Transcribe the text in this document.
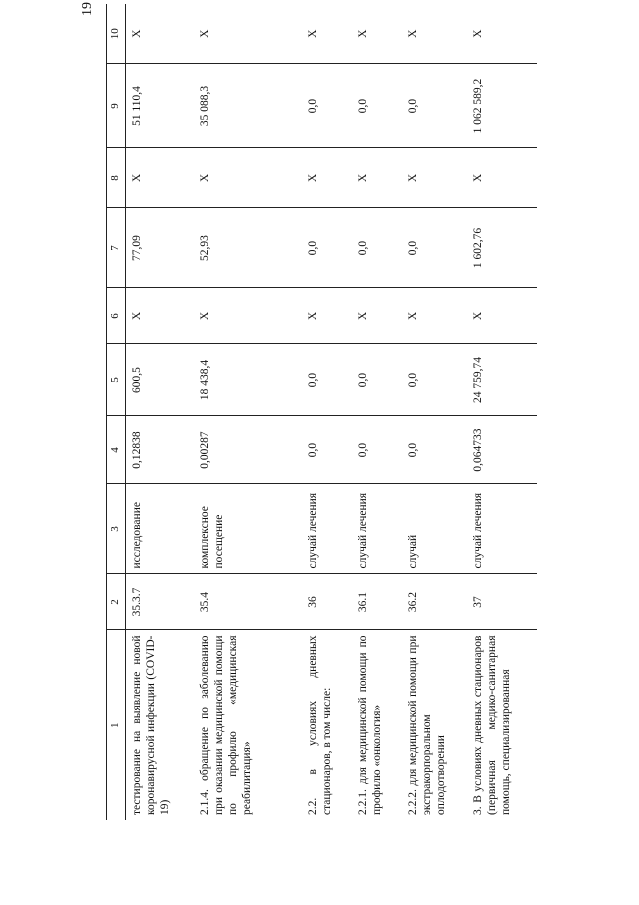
19
1	2	3	4	5	6	7	8	9	10
тестирование на выявление новой коронавирусной инфекции (COVID-19)	35.3.7	исследование	0,12838	600,5	X	77,09	X	51 110,4	X
2.1.4. обращение по заболеванию при оказании медицинской помощи по профилю «медицинская реабилитация»	35.4	комплексное посещение	0,00287	18 438,4	X	52,93	X	35 088,3	X
2.2. в условиях дневных стационаров, в том числе:	36	случай лечения	0,0	0,0	X	0,0	X	0,0	X
2.2.1. для медицинской помощи по профилю «онкология»	36.1	случай лечения	0,0	0,0	X	0,0	X	0,0	X
2.2.2. для медицинской помощи при экстракорпоральном оплодотворении	36.2	случай	0,0	0,0	X	0,0	X	0,0	X
3. В условиях дневных стационаров (первичная медико-санитарная помощь, специализированная	37	случай лечения	0,064733	24 759,74	X	1 602,76	X	1 062 589,2	X
